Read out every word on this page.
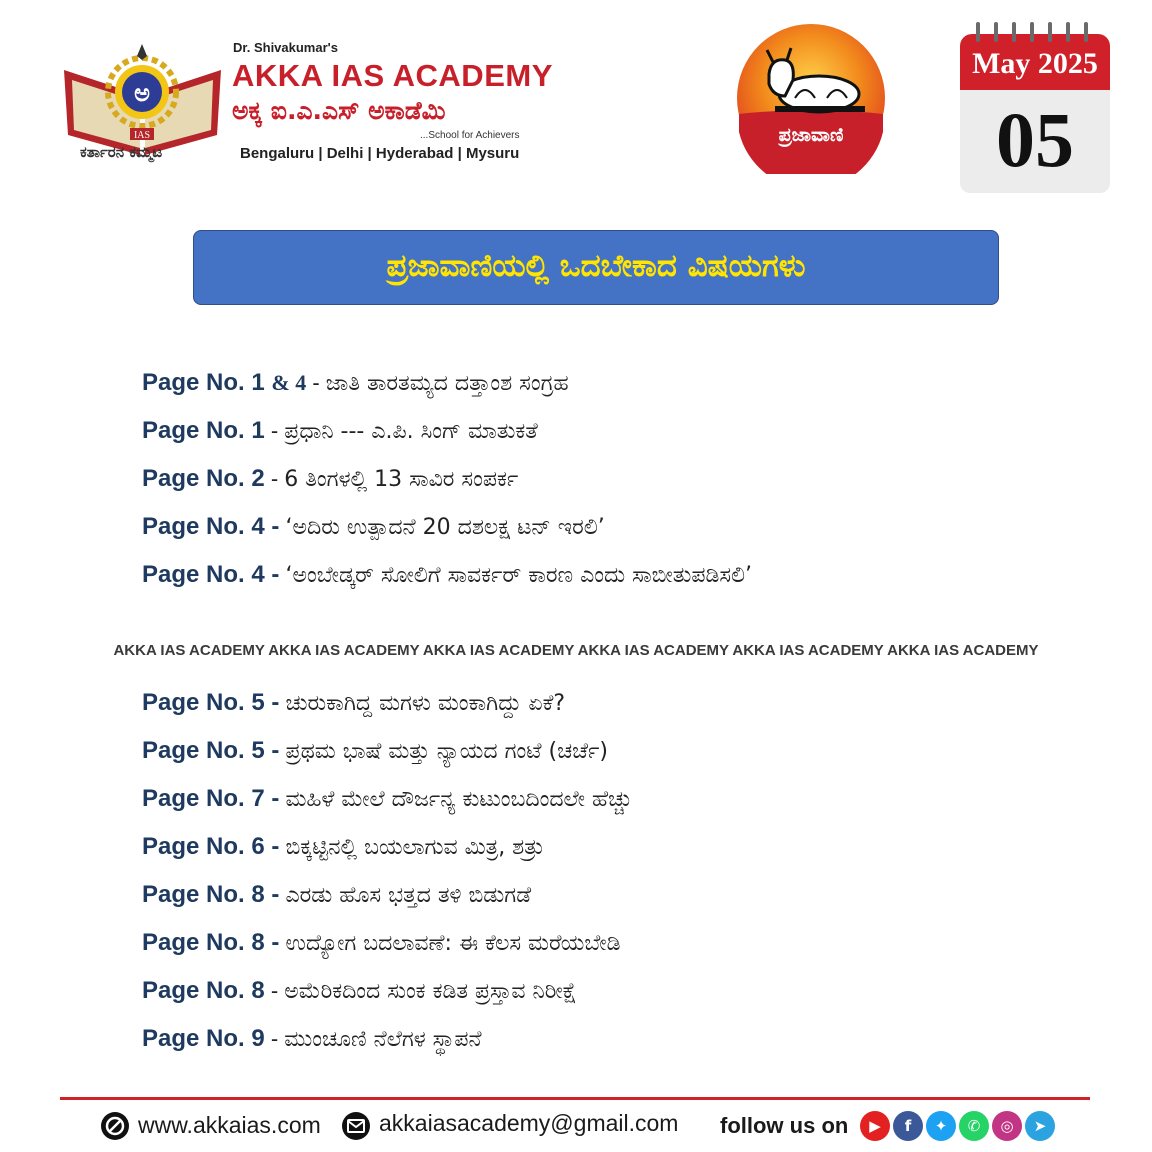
ಅ
IAS
ಕರ್ತಾರನ ಕಮ್ಮಟ
Dr. Shivakumar's
AKKA IAS ACADEMY
ಅಕ್ಕ ಐ.ಎ.ಎಸ್ ಅಕಾಡೆಮಿ
...School for Achievers
Bengaluru | Delhi | Hyderabad | Mysuru
ಪ್ರಜಾವಾಣಿ
May 2025
05
ಪ್ರಜಾವಾಣಿಯಲ್ಲಿ ಒದಬೇಕಾದ ವಿಷಯಗಳು
Page No. 1 & 4 - ಜಾತಿ ತಾರತಮ್ಯದ ದತ್ತಾಂಶ ಸಂಗ್ರಹ
Page No. 1 - ಪ್ರಧಾನಿ --- ಎ.ಪಿ. ಸಿಂಗ್ ಮಾತುಕತೆ
Page No. 2 - 6 ತಿಂಗಳಲ್ಲಿ 13 ಸಾವಿರ ಸಂಪರ್ಕ
Page No. 4 - ‘ಅದಿರು ಉತ್ಪಾದನೆ 20 ದಶಲಕ್ಷ ಟನ್ ಇರಲಿ’
Page No. 4 - ‘ಅಂಬೇಡ್ಕರ್ ಸೋಲಿಗೆ ಸಾವರ್ಕರ್ ಕಾರಣ ಎಂದು ಸಾಬೀತುಪಡಿಸಲಿ’
AKKA IAS ACADEMY AKKA IAS ACADEMY AKKA IAS ACADEMY AKKA IAS ACADEMY AKKA IAS ACADEMY AKKA IAS ACADEMY
Page No. 5 - ಚುರುಕಾಗಿದ್ದ ಮಗಳು ಮಂಕಾಗಿದ್ದು ಏಕೆ?
Page No. 5 - ಪ್ರಥಮ ಭಾಷೆ ಮತ್ತು ನ್ಯಾಯದ ಗಂಟೆ (ಚರ್ಚೆ)
Page No. 7 - ಮಹಿಳೆ ಮೇಲೆ ದೌರ್ಜನ್ಯ ಕುಟುಂಬದಿಂದಲೇ ಹೆಚ್ಚು
Page No. 6 - ಬಿಕ್ಕಟ್ಟಿನಲ್ಲಿ ಬಯಲಾಗುವ ಮಿತ್ರ, ಶತ್ರು
Page No. 8 - ಎರಡು ಹೊಸ ಭತ್ತದ ತಳಿ ಬಿಡುಗಡೆ
Page No. 8 - ಉದ್ಯೋಗ ಬದಲಾವಣೆ: ಈ ಕೆಲಸ ಮರೆಯಬೇಡಿ
Page No. 8 - ಅಮೆರಿಕದಿಂದ ಸುಂಕ ಕಡಿತ ಪ್ರಸ್ತಾವ ನಿರೀಕ್ಷೆ
Page No. 9 - ಮುಂಚೂಣಿ ನೆಲೆಗಳ ಸ್ಥಾಪನೆ
www.akkaias.com	akkaiasacademy@gmail.com follow us on	▶	f	✦	✆	◎	➤
